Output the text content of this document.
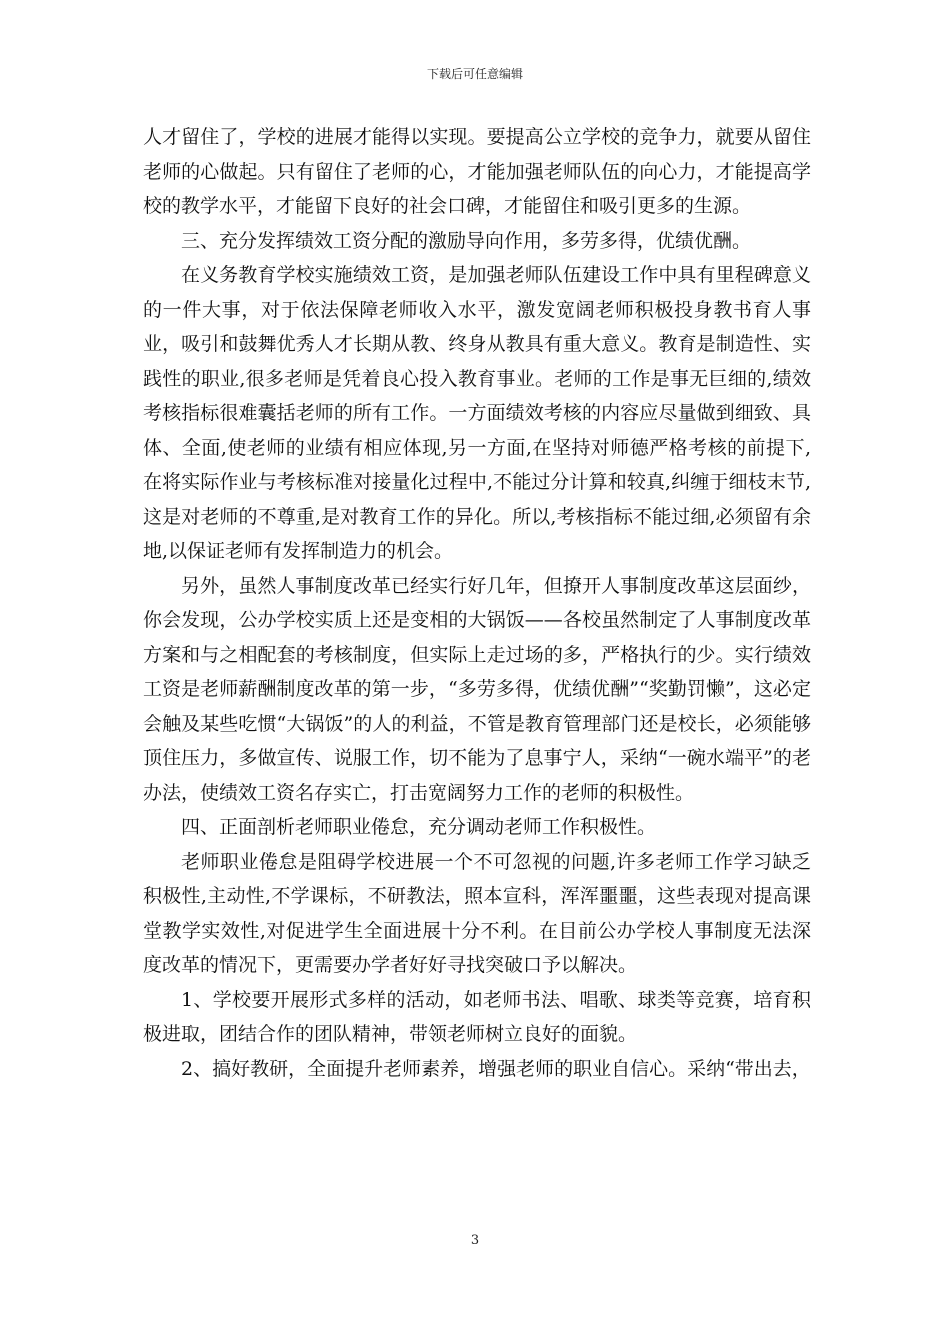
下载后可任意编辑

人才留住了，学校的进展才能得以实现。要提高公立学校的竞争力，就要从留住老师的心做起。只有留住了老师的心，才能加强老师队伍的向心力，才能提高学校的教学水平，才能留下良好的社会口碑，才能留住和吸引更多的生源。

三、充分发挥绩效工资分配的激励导向作用，多劳多得，优绩优酬。

在义务教育学校实施绩效工资，是加强老师队伍建设工作中具有里程碑意义的一件大事，对于依法保障老师收入水平，激发宽阔老师积极投身教书育人事业，吸引和鼓舞优秀人才长期从教、终身从教具有重大意义。教育是制造性、实践性的职业,很多老师是凭着良心投入教育事业。老师的工作是事无巨细的,绩效考核指标很难囊括老师的所有工作。一方面绩效考核的内容应尽量做到细致、具体、全面,使老师的业绩有相应体现,另一方面,在坚持对师德严格考核的前提下,在将实际作业与考核标准对接量化过程中,不能过分计算和较真,纠缠于细枝末节,这是对老师的不尊重,是对教育工作的异化。所以,考核指标不能过细,必须留有余地,以保证老师有发挥制造力的机会。

另外，虽然人事制度改革已经实行好几年，但撩开人事制度改革这层面纱，你会发现，公办学校实质上还是变相的大锅饭——各校虽然制定了人事制度改革方案和与之相配套的考核制度，但实际上走过场的多，严格执行的少。实行绩效工资是老师薪酬制度改革的第一步，“多劳多得，优绩优酬”“奖勤罚懒”，这必定会触及某些吃惯“大锅饭”的人的利益，不管是教育管理部门还是校长，必须能够顶住压力，多做宣传、说服工作，切不能为了息事宁人，采纳“一碗水端平”的老办法，使绩效工资名存实亡，打击宽阔努力工作的老师的积极性。

四、正面剖析老师职业倦怠，充分调动老师工作积极性。

老师职业倦怠是阻碍学校进展一个不可忽视的问题,许多老师工作学习缺乏积极性,主动性,不学课标，不研教法，照本宣科，浑浑噩噩，这些表现对提高课堂教学实效性,对促进学生全面进展十分不利。在目前公办学校人事制度无法深度改革的情况下，更需要办学者好好寻找突破口予以解决。

1、学校要开展形式多样的活动，如老师书法、唱歌、球类等竞赛，培育积极进取，团结合作的团队精神，带领老师树立良好的面貌。

2、搞好教研，全面提升老师素养，增强老师的职业自信心。采纳“带出去，

3
